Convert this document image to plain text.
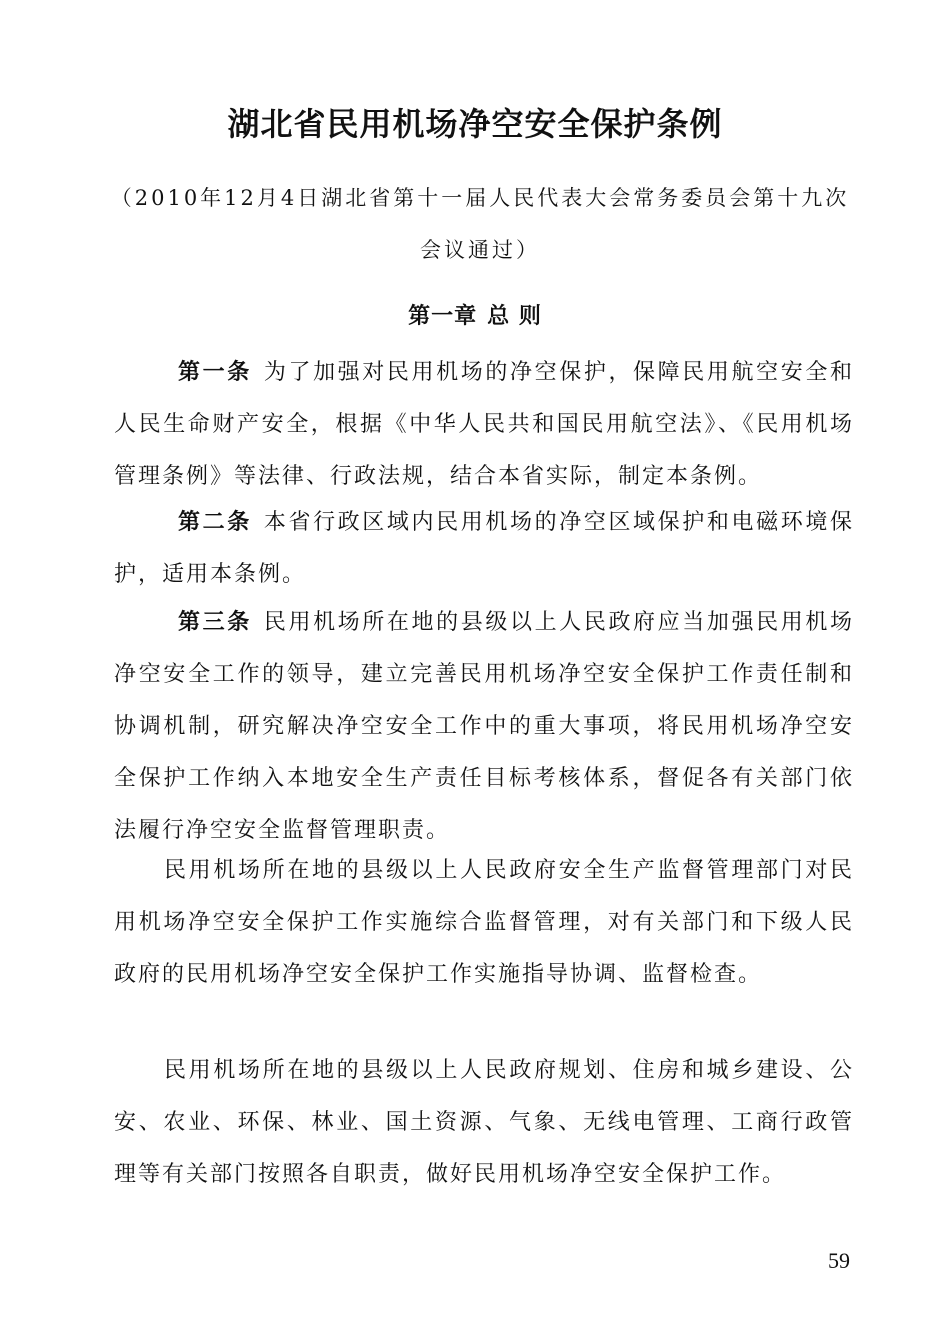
湖北省民用机场净空安全保护条例

（2010年12月4日湖北省第十一届人民代表大会常务委员会第十九次会议通过）

第一章 总 则

第一条 为了加强对民用机场的净空保护，保障民用航空安全和人民生命财产安全，根据《中华人民共和国民用航空法》、《民用机场管理条例》等法律、行政法规，结合本省实际，制定本条例。

第二条 本省行政区域内民用机场的净空区域保护和电磁环境保护，适用本条例。

第三条 民用机场所在地的县级以上人民政府应当加强民用机场净空安全工作的领导，建立完善民用机场净空安全保护工作责任制和协调机制，研究解决净空安全工作中的重大事项，将民用机场净空安全保护工作纳入本地安全生产责任目标考核体系，督促各有关部门依法履行净空安全监督管理职责。

民用机场所在地的县级以上人民政府安全生产监督管理部门对民用机场净空安全保护工作实施综合监督管理，对有关部门和下级人民政府的民用机场净空安全保护工作实施指导协调、监督检查。

民用机场所在地的县级以上人民政府规划、住房和城乡建设、公安、农业、环保、林业、国土资源、气象、无线电管理、工商行政管理等有关部门按照各自职责，做好民用机场净空安全保护工作。

59
